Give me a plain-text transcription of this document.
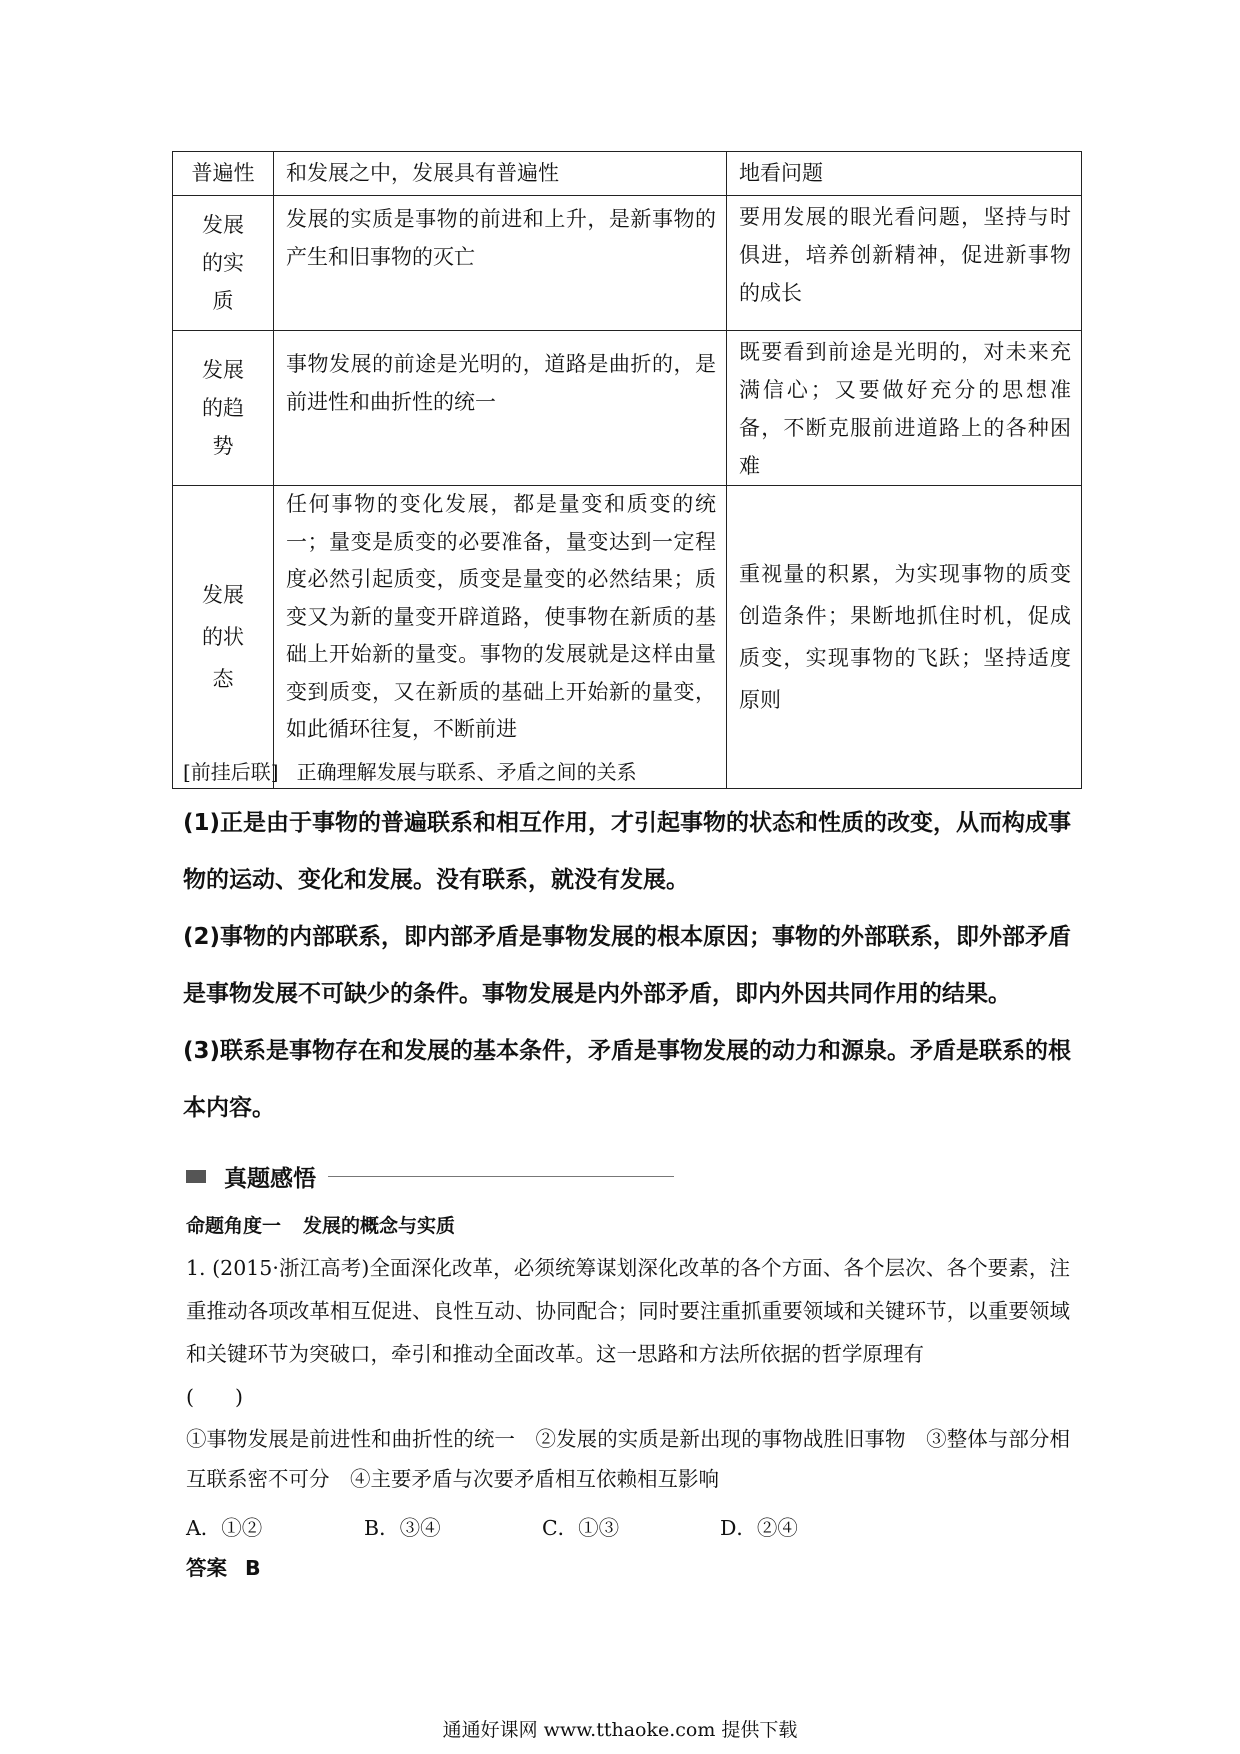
普遍性	和发展之中，发展具有普遍性	地看问题

发展的实质	发展的实质是事物的前进和上升，是新事物的产生和旧事物的灭亡	要用发展的眼光看问题，坚持与时俱进，培养创新精神，促进新事物的成长

发展的趋势	事物发展的前途是光明的，道路是曲折的，是前进性和曲折性的统一	既要看到前途是光明的，对未来充满信心；又要做好充分的思想准备，不断克服前进道路上的各种困难

发展的状态	任何事物的变化发展，都是量变和质变的统一；量变是质变的必要准备，量变达到一定程度必然引起质变，质变是量变的必然结果；质变又为新的量变开辟道路，使事物在新质的基础上开始新的量变。事物的发展就是这样由量变到质变，又在新质的基础上开始新的量变，如此循环往复，不断前进	重视量的积累，为实现事物的质变创造条件；果断地抓住时机，促成质变，实现事物的飞跃；坚持适度原则
[前挂后联] 正确理解发展与联系、矛盾之间的关系

(1)正是由于事物的普遍联系和相互作用，才引起事物的状态和性质的改变，从而构成事物的运动、变化和发展。没有联系，就没有发展。

(2)事物的内部联系，即内部矛盾是事物发展的根本原因；事物的外部联系，即外部矛盾是事物发展不可缺少的条件。事物发展是内外部矛盾，即内外因共同作用的结果。

(3)联系是事物存在和发展的基本条件，矛盾是事物发展的动力和源泉。矛盾是联系的根本内容。

真题感悟
命题角度一 发展的概念与实质

1. (2015·浙江高考)全面深化改革，必须统筹谋划深化改革的各个方面、各个层次、各个要素，注重推动各项改革相互促进、良性互动、协同配合；同时要注重抓重要领域和关键环节，以重要领域和关键环节为突破口，牵引和推动全面改革。这一思路和方法所依据的哲学原理有

(　　)

①事物发展是前进性和曲折性的统一　②发展的实质是新出现的事物战胜旧事物　③整体与部分相互联系密不可分　④主要矛盾与次要矛盾相互依赖相互影响

A．①②	B．③④	C．①③	D．②④
答案 B
通通好课网 www.tthaoke.com 提供下载
